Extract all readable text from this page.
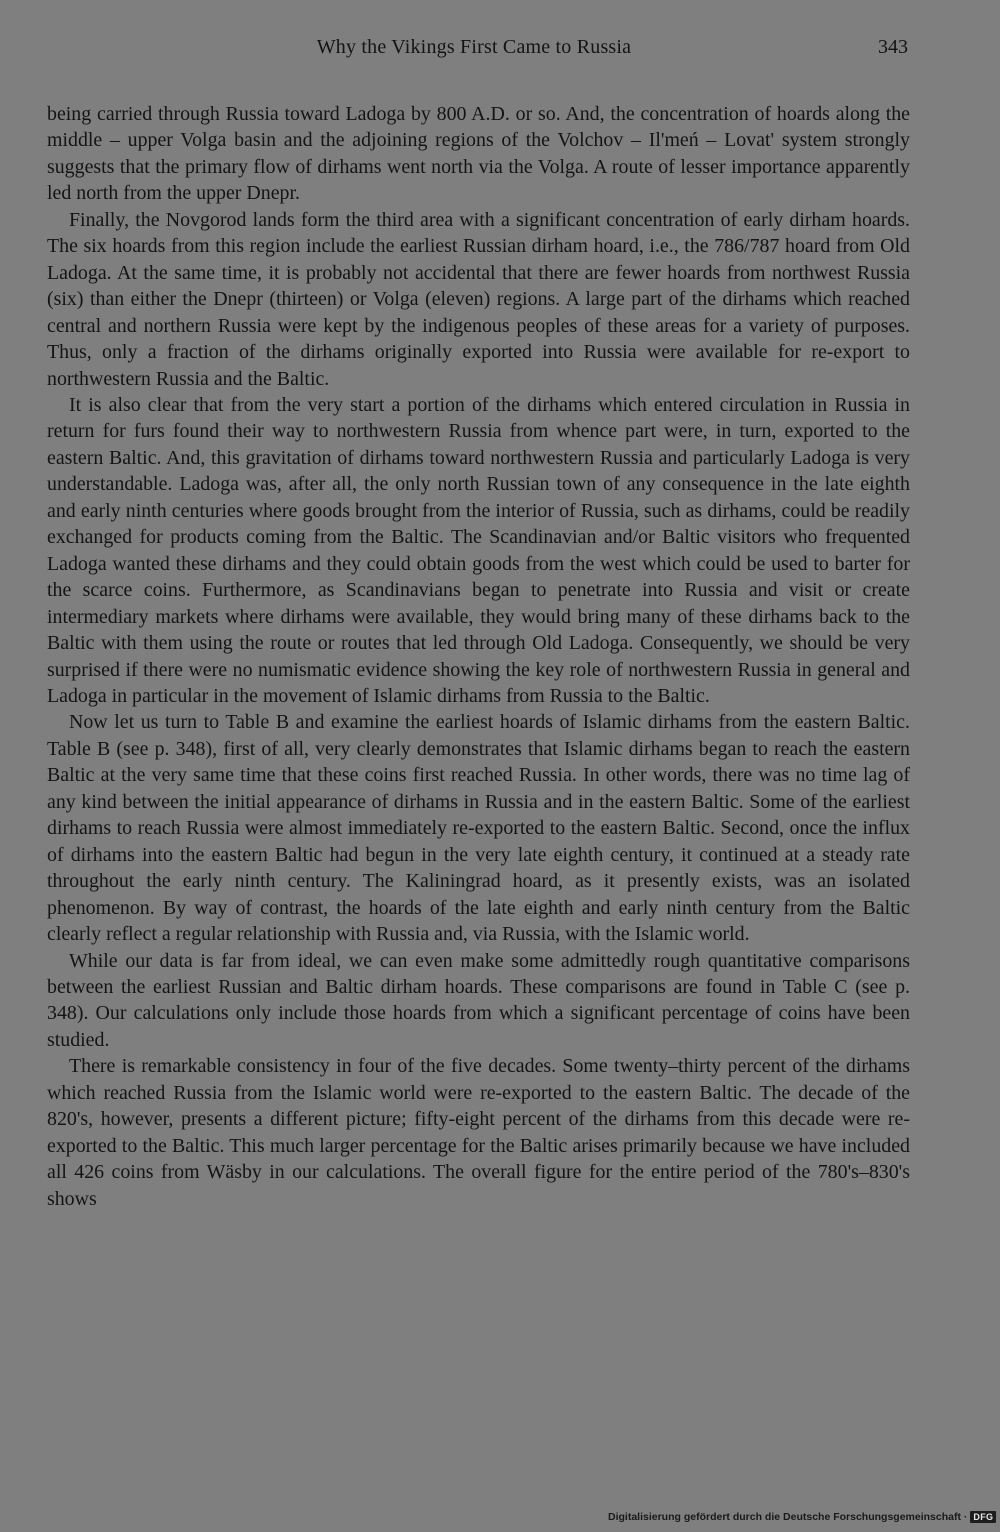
Why the Vikings First Came to Russia	343

being carried through Russia toward Ladoga by 800 A.D. or so. And, the concentration of hoards along the middle – upper Volga basin and the adjoining regions of the Volchov – Il'meń – Lovat' system strongly suggests that the primary flow of dirhams went north via the Volga. A route of lesser importance apparently led north from the upper Dnepr.

Finally, the Novgorod lands form the third area with a significant concentration of early dirham hoards. The six hoards from this region include the earliest Russian dirham hoard, i.e., the 786/787 hoard from Old Ladoga. At the same time, it is probably not accidental that there are fewer hoards from northwest Russia (six) than either the Dnepr (thirteen) or Volga (eleven) regions. A large part of the dirhams which reached central and northern Russia were kept by the indigenous peoples of these areas for a variety of purposes. Thus, only a fraction of the dirhams originally exported into Russia were available for re-export to northwestern Russia and the Baltic.

It is also clear that from the very start a portion of the dirhams which entered circulation in Russia in return for furs found their way to northwestern Russia from whence part were, in turn, exported to the eastern Baltic. And, this gravitation of dirhams toward northwestern Russia and particularly Ladoga is very understandable. Ladoga was, after all, the only north Russian town of any consequence in the late eighth and early ninth centuries where goods brought from the interior of Russia, such as dirhams, could be readily exchanged for products coming from the Baltic. The Scandinavian and/or Baltic visitors who frequented Ladoga wanted these dirhams and they could obtain goods from the west which could be used to barter for the scarce coins. Furthermore, as Scandinavians began to penetrate into Russia and visit or create intermediary markets where dirhams were available, they would bring many of these dirhams back to the Baltic with them using the route or routes that led through Old Ladoga. Consequently, we should be very surprised if there were no numismatic evidence showing the key role of northwestern Russia in general and Ladoga in particular in the movement of Islamic dirhams from Russia to the Baltic.

Now let us turn to Table B and examine the earliest hoards of Islamic dirhams from the eastern Baltic. Table B (see p. 348), first of all, very clearly demonstrates that Islamic dirhams began to reach the eastern Baltic at the very same time that these coins first reached Russia. In other words, there was no time lag of any kind between the initial appearance of dirhams in Russia and in the eastern Baltic. Some of the earliest dirhams to reach Russia were almost immediately re-exported to the eastern Baltic. Second, once the influx of dirhams into the eastern Baltic had begun in the very late eighth century, it continued at a steady rate throughout the early ninth century. The Kaliningrad hoard, as it presently exists, was an isolated phenomenon. By way of contrast, the hoards of the late eighth and early ninth century from the Baltic clearly reflect a regular relationship with Russia and, via Russia, with the Islamic world.

While our data is far from ideal, we can even make some admittedly rough quantitative comparisons between the earliest Russian and Baltic dirham hoards. These comparisons are found in Table C (see p. 348). Our calculations only include those hoards from which a significant percentage of coins have been studied.

There is remarkable consistency in four of the five decades. Some twenty–thirty percent of the dirhams which reached Russia from the Islamic world were re-exported to the eastern Baltic. The decade of the 820's, however, presents a different picture; fifty-eight percent of the dirhams from this decade were re-exported to the Baltic. This much larger percentage for the Baltic arises primarily because we have included all 426 coins from Wäsby in our calculations. The overall figure for the entire period of the 780's–830's shows

Digitalisierung gefördert durch die Deutsche Forschungsgemeinschaft · DFG
